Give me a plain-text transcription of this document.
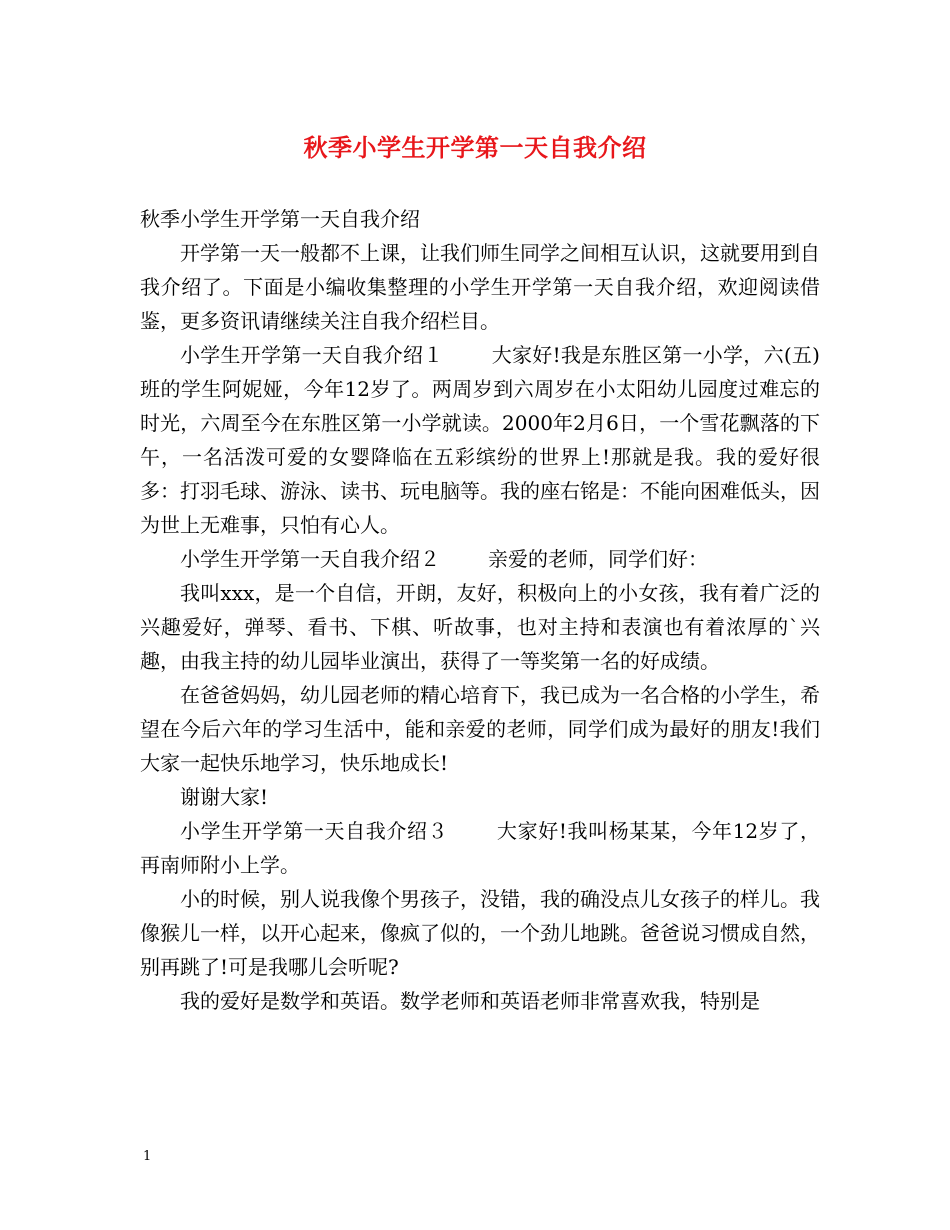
秋季小学生开学第一天自我介绍

秋季小学生开学第一天自我介绍

开学第一天一般都不上课，让我们师生同学之间相互认识，这就要用到自我介绍了。下面是小编收集整理的小学生开学第一天自我介绍，欢迎阅读借鉴，更多资讯请继续关注自我介绍栏目。

小学生开学第一天自我介绍１ 大家好!我是东胜区第一小学，六(五)班的学生阿妮娅，今年12岁了。两周岁到六周岁在小太阳幼儿园度过难忘的时光，六周至今在东胜区第一小学就读。2000年2月6日，一个雪花飘落的下午，一名活泼可爱的女婴降临在五彩缤纷的世界上!那就是我。我的爱好很多：打羽毛球、游泳、读书、玩电脑等。我的座右铭是：不能向困难低头，因为世上无难事，只怕有心人。

小学生开学第一天自我介绍２ 亲爱的老师，同学们好：

我叫xxx，是一个自信，开朗，友好，积极向上的小女孩，我有着广泛的兴趣爱好，弹琴、看书、下棋、听故事，也对主持和表演也有着浓厚的`兴趣，由我主持的幼儿园毕业演出，获得了一等奖第一名的好成绩。

在爸爸妈妈，幼儿园老师的精心培育下，我已成为一名合格的小学生，希望在今后六年的学习生活中，能和亲爱的老师，同学们成为最好的朋友!我们大家一起快乐地学习，快乐地成长!

谢谢大家!

小学生开学第一天自我介绍３ 大家好!我叫杨某某，今年12岁了，再南师附小上学。

小的时候，别人说我像个男孩子，没错，我的确没点儿女孩子的样儿。我像猴儿一样，以开心起来，像疯了似的，一个劲儿地跳。爸爸说习惯成自然，别再跳了!可是我哪儿会听呢?

我的爱好是数学和英语。数学老师和英语老师非常喜欢我，特别是

1
